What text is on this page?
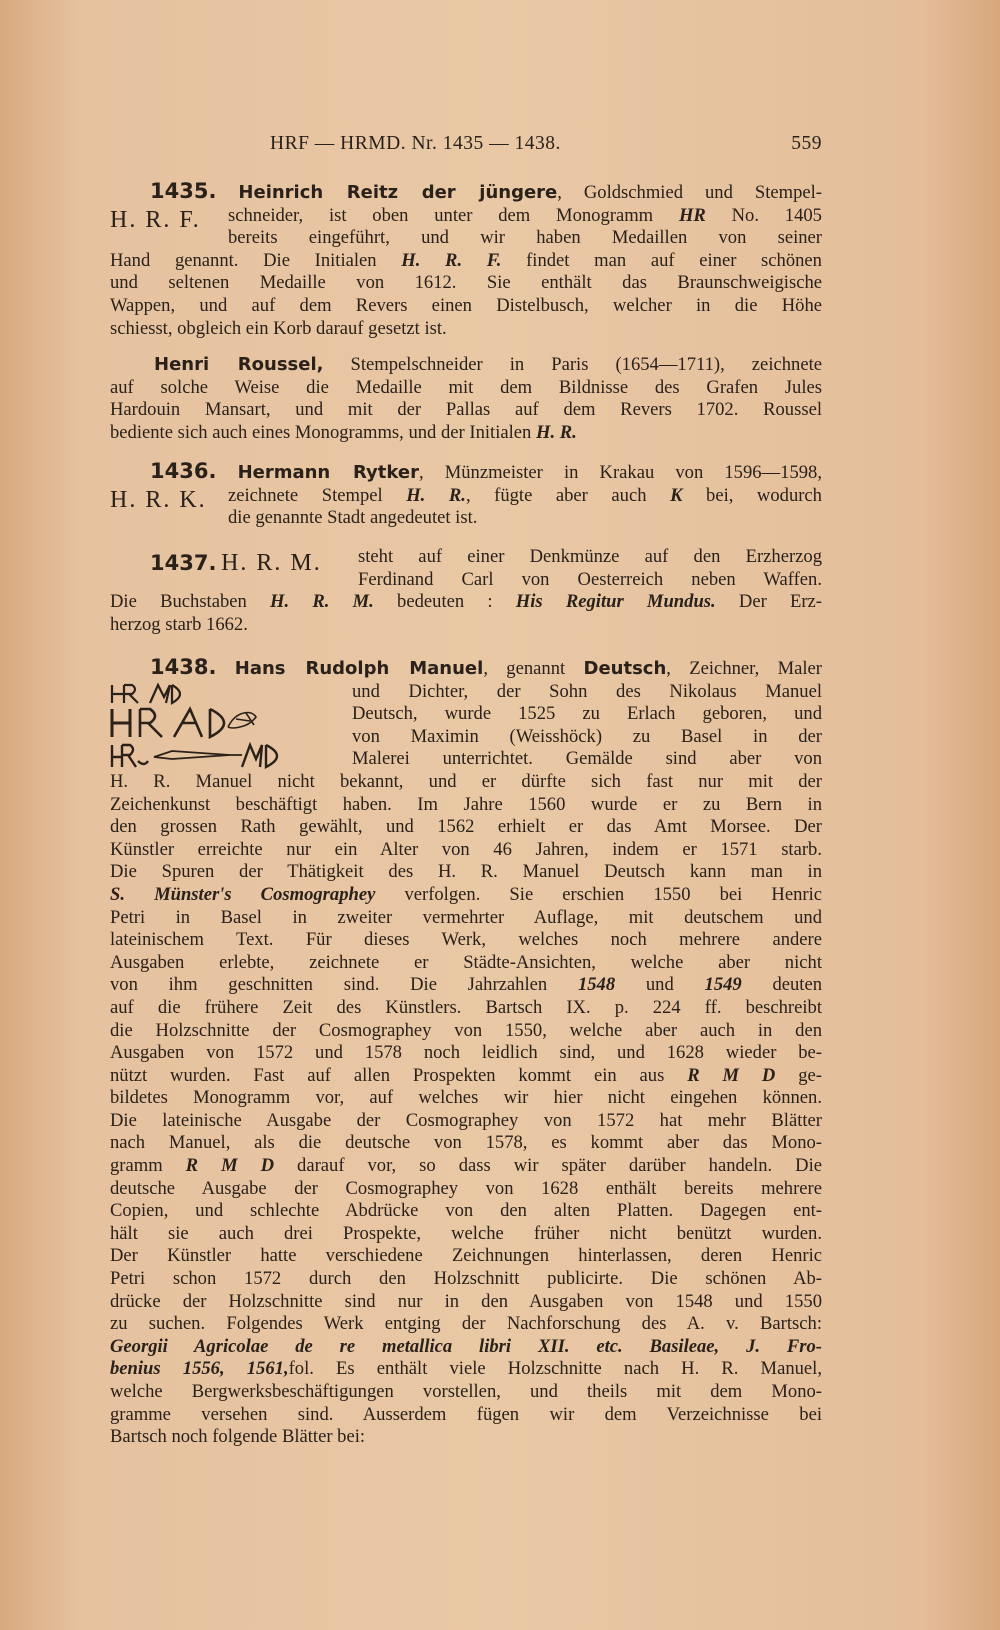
HRF — HRMD. Nr. 1435 — 1438.	559
1435. Heinrich Reitz der jüngere, Goldschmied und Stempel-
H. R. F. schneider, ist oben unter dem Monogramm HR No. 1405
bereits eingeführt, und wir haben Medaillen von seiner
Hand genannt. Die Initialen H. R. F. findet man auf einer schönen
und seltenen Medaille von 1612. Sie enthält das Braunschweigische
Wappen, und auf dem Revers einen Distelbusch, welcher in die Höhe
schiesst, obgleich ein Korb darauf gesetzt ist.
Henri Roussel, Stempelschneider in Paris (1654—1711), zeichnete
auf solche Weise die Medaille mit dem Bildnisse des Grafen Jules
Hardouin Mansart, und mit der Pallas auf dem Revers 1702. Roussel
bediente sich auch eines Monogramms, und der Initialen H. R.
1436. Hermann Rytker, Münzmeister in Krakau von 1596—1598,
H. R. K. zeichnete Stempel H. R., fügte aber auch K bei, wodurch
die genannte Stadt angedeutet ist.
1437. H. R. M. steht auf einer Denkmünze auf den Erzherzog
Ferdinand Carl von Oesterreich neben Waffen.
Die Buchstaben H. R. M. bedeuten : His Regitur Mundus. Der Erz-
herzog starb 1662.
1438. Hans Rudolph Manuel, genannt Deutsch, Zeichner, Maler
und Dichter, der Sohn des Nikolaus Manuel
Deutsch, wurde 1525 zu Erlach geboren, und
von Maximin (Weisshöck) zu Basel in der
Malerei unterrichtet. Gemälde sind aber von
H. R. Manuel nicht bekannt, und er dürfte sich fast nur mit der
Zeichenkunst beschäftigt haben. Im Jahre 1560 wurde er zu Bern in
den grossen Rath gewählt, und 1562 erhielt er das Amt Morsee. Der
Künstler erreichte nur ein Alter von 46 Jahren, indem er 1571 starb.
Die Spuren der Thätigkeit des H. R. Manuel Deutsch kann man in
S. Münster's Cosmographey verfolgen. Sie erschien 1550 bei Henric
Petri in Basel in zweiter vermehrter Auflage, mit deutschem und
lateinischem Text. Für dieses Werk, welches noch mehrere andere
Ausgaben erlebte, zeichnete er Städte-Ansichten, welche aber nicht
von ihm geschnitten sind. Die Jahrzahlen 1548 und 1549 deuten
auf die frühere Zeit des Künstlers. Bartsch IX. p. 224 ff. beschreibt
die Holzschnitte der Cosmographey von 1550, welche aber auch in den
Ausgaben von 1572 und 1578 noch leidlich sind, und 1628 wieder be-
nützt wurden. Fast auf allen Prospekten kommt ein aus R M D ge-
bildetes Monogramm vor, auf welches wir hier nicht eingehen können.
Die lateinische Ausgabe der Cosmographey von 1572 hat mehr Blätter
nach Manuel, als die deutsche von 1578, es kommt aber das Mono-
gramm R M D darauf vor, so dass wir später darüber handeln. Die
deutsche Ausgabe der Cosmographey von 1628 enthält bereits mehrere
Copien, und schlechte Abdrücke von den alten Platten. Dagegen ent-
hält sie auch drei Prospekte, welche früher nicht benützt wurden.
Der Künstler hatte verschiedene Zeichnungen hinterlassen, deren Henric
Petri schon 1572 durch den Holzschnitt publicirte. Die schönen Ab-
drücke der Holzschnitte sind nur in den Ausgaben von 1548 und 1550
zu suchen. Folgendes Werk entging der Nachforschung des A. v. Bartsch:
Georgii Agricolae de re metallica libri XII. etc. Basileae, J. Fro-
benius 1556, 1561,fol. Es enthält viele Holzschnitte nach H. R. Manuel,
welche Bergwerksbeschäftigungen vorstellen, und theils mit dem Mono-
gramme versehen sind. Ausserdem fügen wir dem Verzeichnisse bei
Bartsch noch folgende Blätter bei:
